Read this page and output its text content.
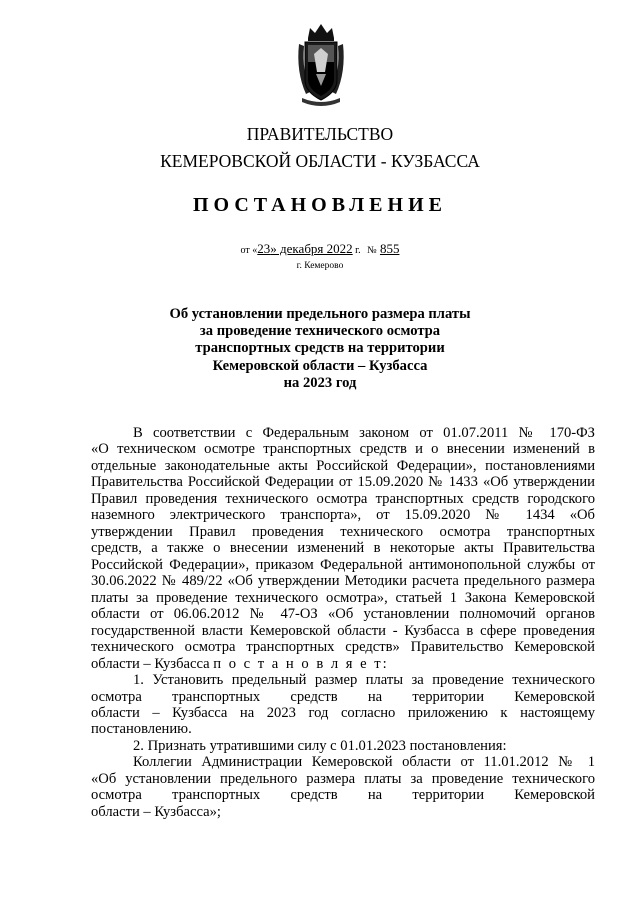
ПРАВИТЕЛЬСТВО
КЕМЕРОВСКОЙ ОБЛАСТИ - КУЗБАССА
ПОСТАНОВЛЕНИЕ
от «23» декабря 2022 г. № 855
г. Кемерово
Об установлении предельного размера платы
за проведение технического осмотра
транспортных средств на территории
Кемеровской области – Кузбасса
на 2023 год
В соответствии с Федеральным законом от 01.07.2011 № 170-ФЗ
«О техническом осмотре транспортных средств и о внесении изменений в
отдельные законодательные акты Российской Федерации», постановлениями
Правительства Российской Федерации от 15.09.2020 № 1433 «Об утверждении
Правил проведения технического осмотра транспортных средств городского
наземного электрического транспорта», от 15.09.2020 № 1434 «Об
утверждении Правил проведения технического осмотра транспортных
средств, а также о внесении изменений в некоторые акты Правительства
Российской Федерации», приказом Федеральной антимонопольной службы от
30.06.2022 № 489/22 «Об утверждении Методики расчета предельного размера
платы за проведение технического осмотра», статьей 1 Закона Кемеровской
области от 06.06.2012 № 47-ОЗ «Об установлении полномочий органов
государственной власти Кемеровской области - Кузбасса в сфере проведения
технического осмотра транспортных средств» Правительство Кемеровской
области – Кузбасса п о с т а н о в л я е т:
1. Установить предельный размер платы за проведение технического
осмотра транспортных средств на территории Кемеровской
области – Кузбасса на 2023 год согласно приложению к настоящему
постановлению.
2. Признать утратившими силу с 01.01.2023 постановления:
Коллегии Администрации Кемеровской области от 11.01.2012 № 1
«Об установлении предельного размера платы за проведение технического
осмотра транспортных средств на территории Кемеровской
области – Кузбасса»;
